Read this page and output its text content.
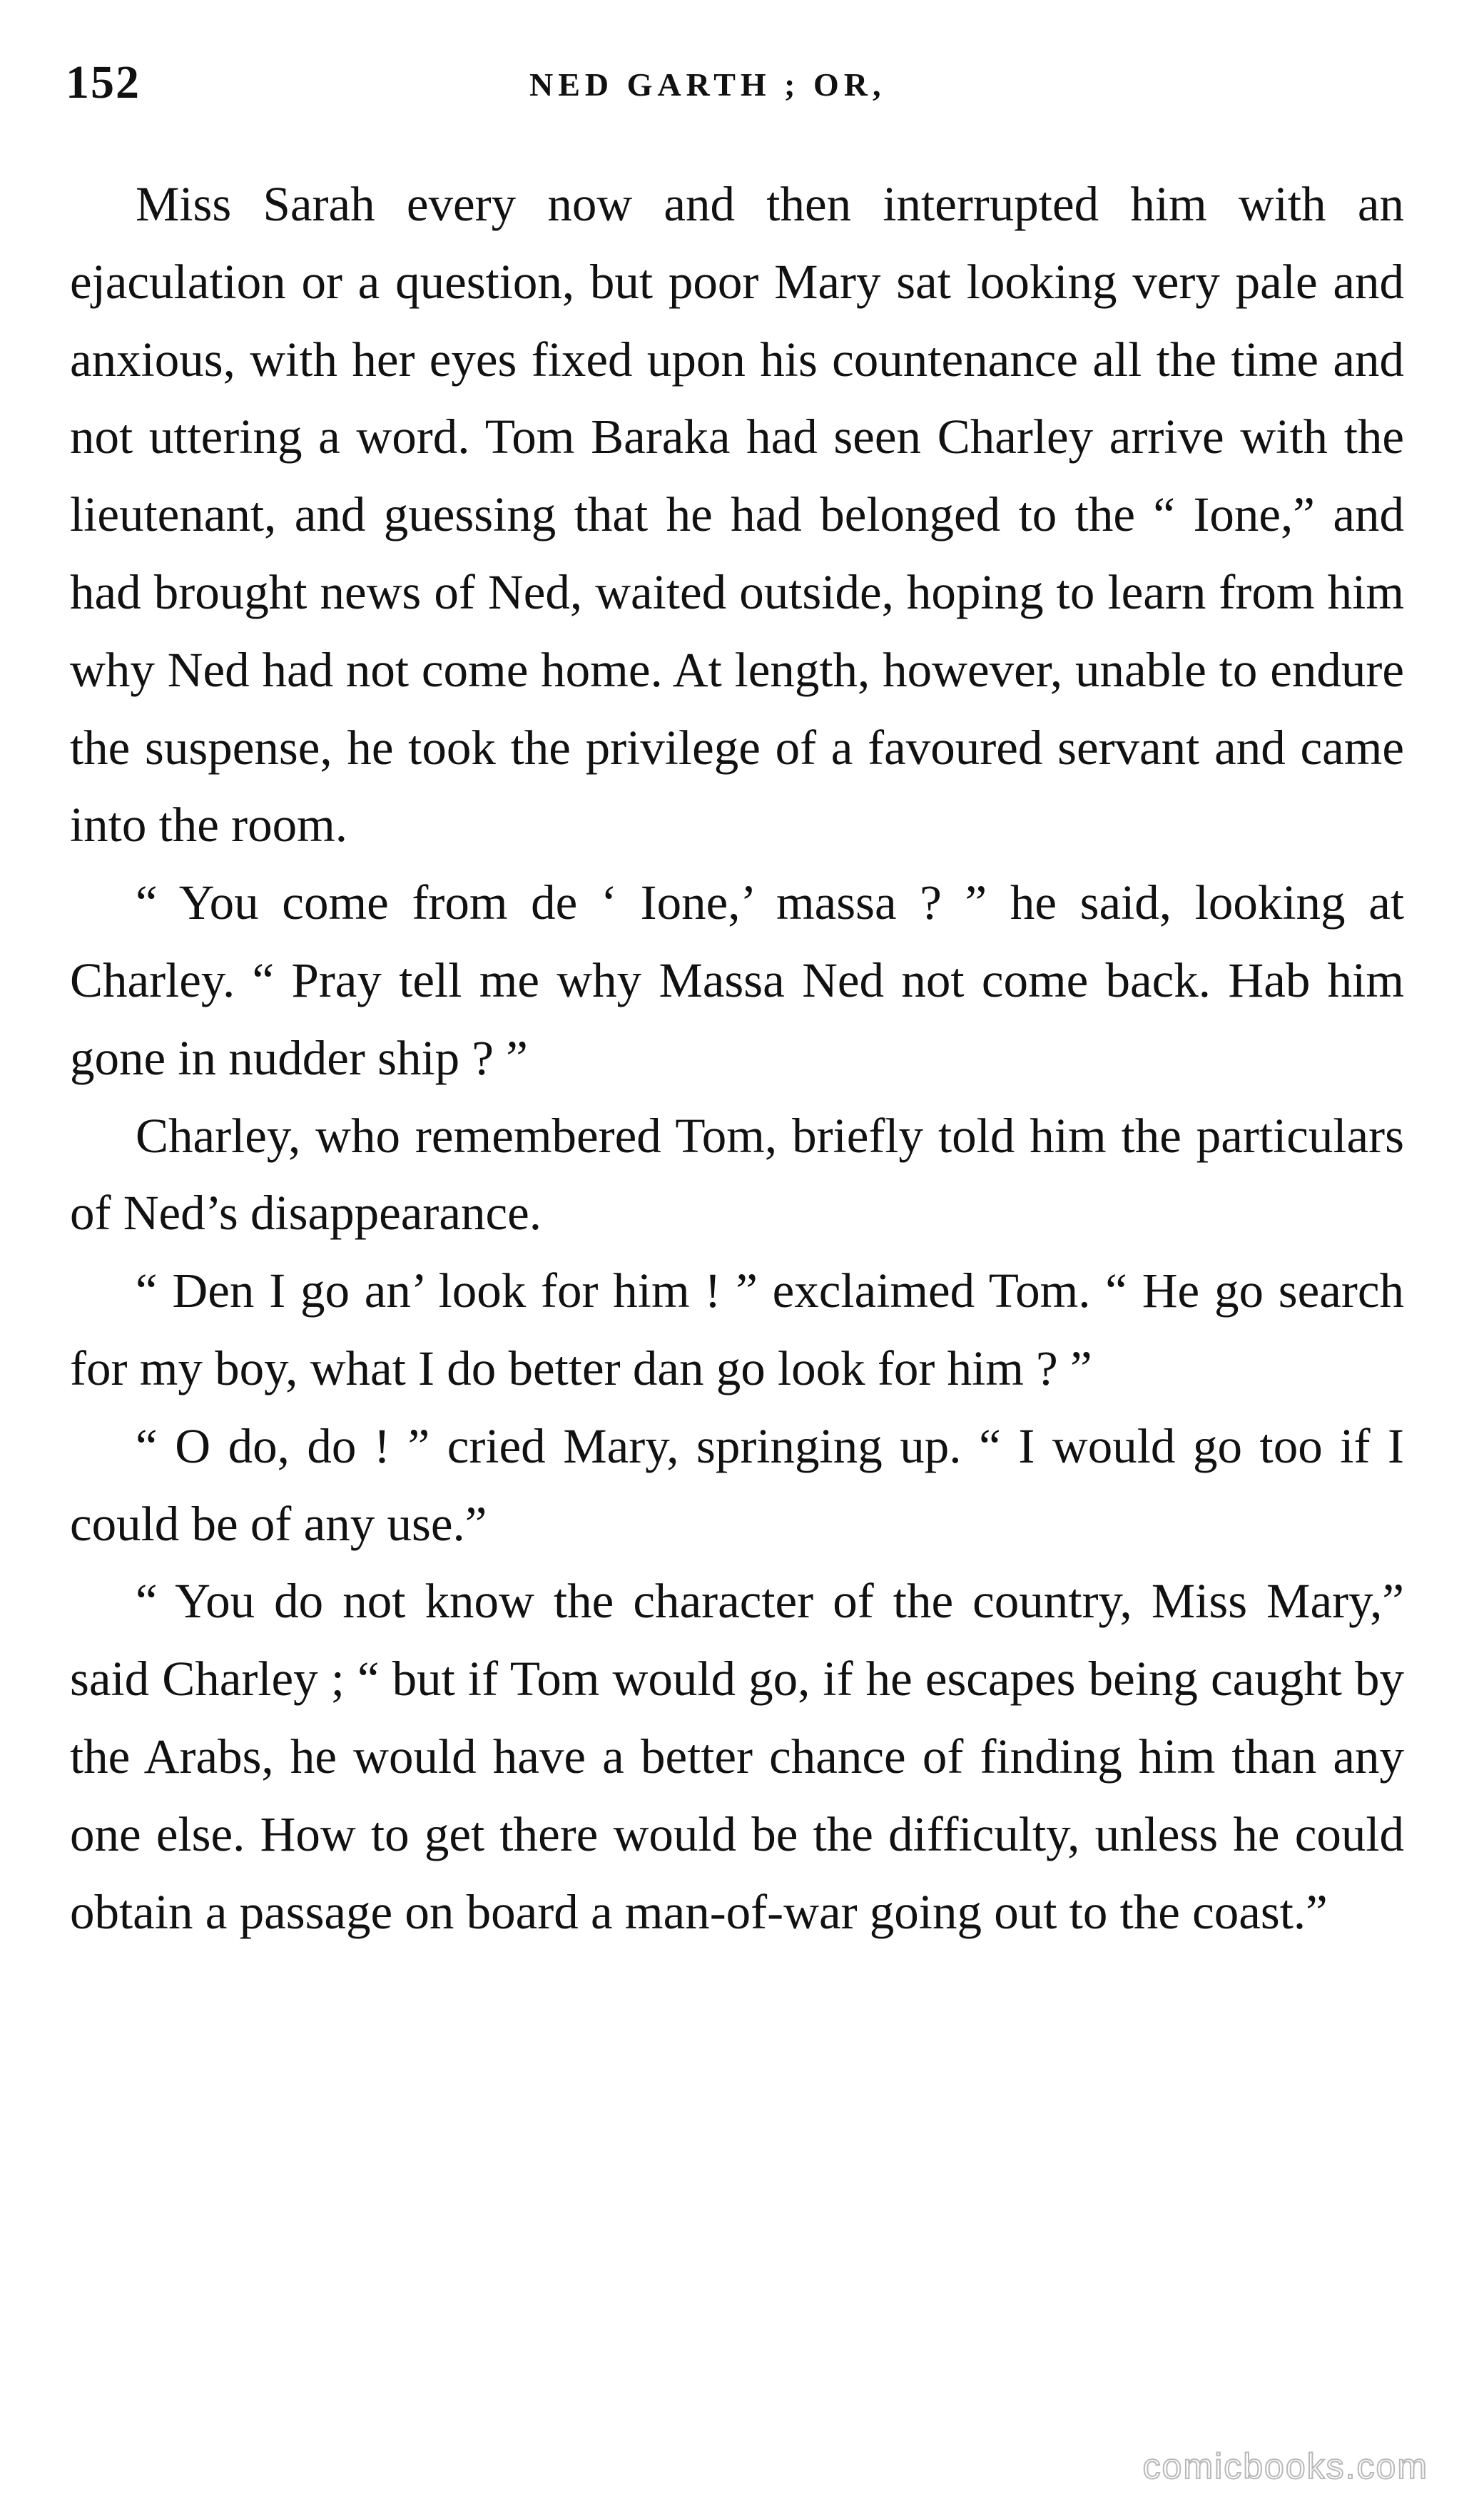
152	NED GARTH ; OR,

Miss Sarah every now and then interrupted him with an ejaculation or a question, but poor Mary sat looking very pale and anxious, with her eyes fixed upon his countenance all the time and not uttering a word. Tom Baraka had seen Charley arrive with the lieutenant, and guessing that he had belonged to the “ Ione,” and had brought news of Ned, waited outside, hoping to learn from him why Ned had not come home. At length, however, unable to endure the suspense, he took the privilege of a favoured servant and came into the room.

“ You come from de ‘ Ione,’ massa ? ” he said, looking at Charley. “ Pray tell me why Massa Ned not come back. Hab him gone in nudder ship ? ”

Charley, who remembered Tom, briefly told him the particulars of Ned’s disappearance.

“ Den I go an’ look for him ! ” exclaimed Tom. “ He go search for my boy, what I do better dan go look for him ? ”

“ O do, do ! ” cried Mary, springing up. “ I would go too if I could be of any use.”

“ You do not know the character of the country, Miss Mary,” said Charley ; “ but if Tom would go, if he escapes being caught by the Arabs, he would have a better chance of finding him than any one else. How to get there would be the difficulty, unless he could obtain a passage on board a man-of-war going out to the coast.”

comicbooks.com
